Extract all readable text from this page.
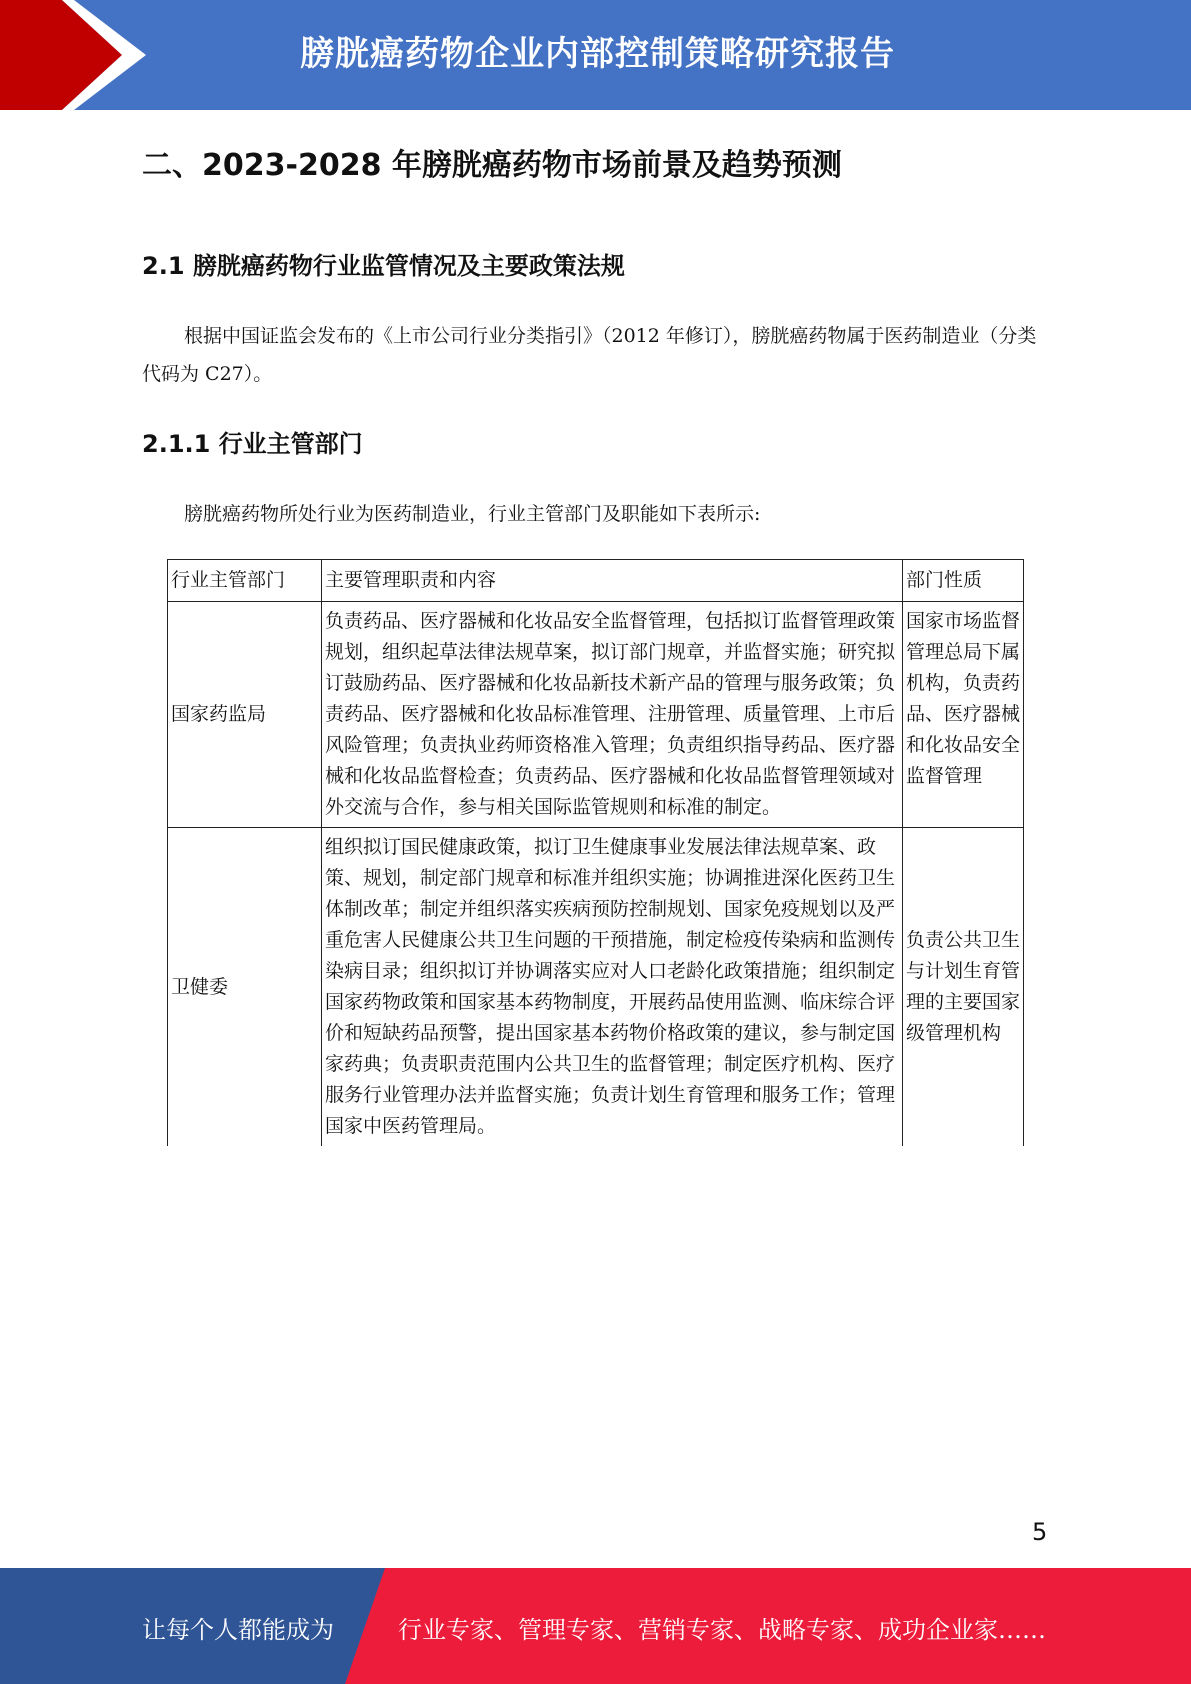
膀胱癌药物企业内部控制策略研究报告
二、2023-2028 年膀胱癌药物市场前景及趋势预测
2.1 膀胱癌药物行业监管情况及主要政策法规
根据中国证监会发布的《上市公司行业分类指引》（2012 年修订），膀胱癌药物属于医药制造业（分类代码为 C27）。
2.1.1 行业主管部门
膀胱癌药物所处行业为医药制造业，行业主管部门及职能如下表所示:
行业主管部门	主要管理职责和内容	部门性质
国家药监局	负责药品、医疗器械和化妆品安全监督管理，包括拟订监督管理政策规划，组织起草法律法规草案，拟订部门规章，并监督实施；研究拟订鼓励药品、医疗器械和化妆品新技术新产品的管理与服务政策；负责药品、医疗器械和化妆品标准管理、注册管理、质量管理、上市后风险管理；负责执业药师资格准入管理；负责组织指导药品、医疗器械和化妆品监督检查；负责药品、医疗器械和化妆品监督管理领域对外交流与合作，参与相关国际监管规则和标准的制定。	国家市场监督管理总局下属机构，负责药品、医疗器械和化妆品安全监督管理
卫健委	组织拟订国民健康政策，拟订卫生健康事业发展法律法规草案、政策、规划，制定部门规章和标准并组织实施；协调推进深化医药卫生体制改革；制定并组织落实疾病预防控制规划、国家免疫规划以及严重危害人民健康公共卫生问题的干预措施，制定检疫传染病和监测传染病目录；组织拟订并协调落实应对人口老龄化政策措施；组织制定国家药物政策和国家基本药物制度，开展药品使用监测、临床综合评价和短缺药品预警，提出国家基本药物价格政策的建议，参与制定国家药典；负责职责范围内公共卫生的监督管理；制定医疗机构、医疗服务行业管理办法并监督实施；负责计划生育管理和服务工作；管理国家中医药管理局。	负责公共卫生与计划生育管理的主要国家级管理机构
5
让每个人都能成为	行业专家、管理专家、营销专家、战略专家、成功企业家……
